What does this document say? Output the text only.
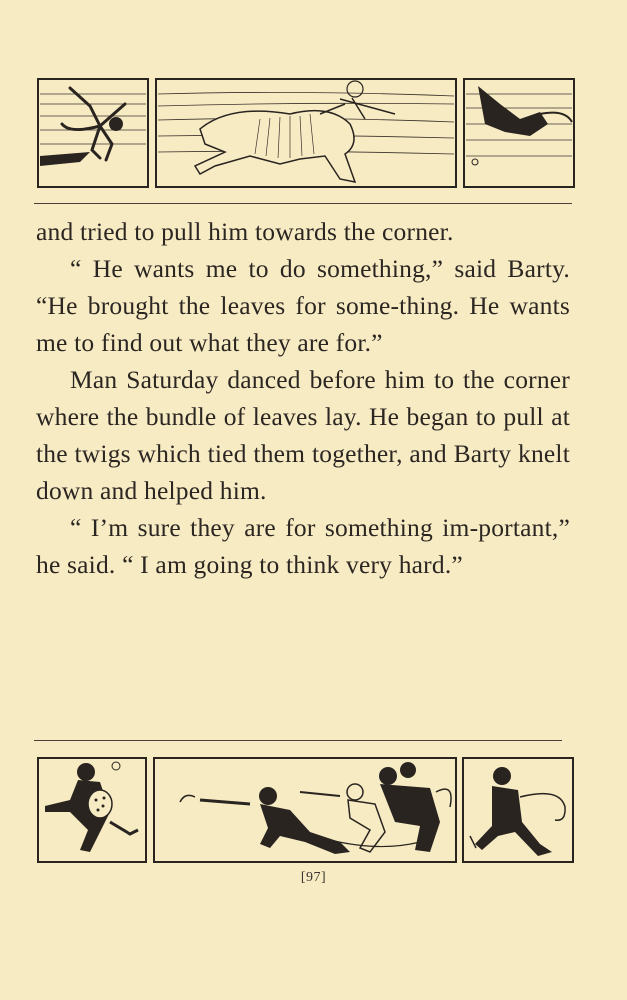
and tried to pull him towards the corner.

“ He wants me to do something,” said Barty. “He brought the leaves for some-thing. He wants me to find out what they are for.”

Man Saturday danced before him to the corner where the bundle of leaves lay. He began to pull at the twigs which tied them together, and Barty knelt down and helped him.

“ I’m sure they are for something im-portant,” he said. “ I am going to think very hard.”

[97]
